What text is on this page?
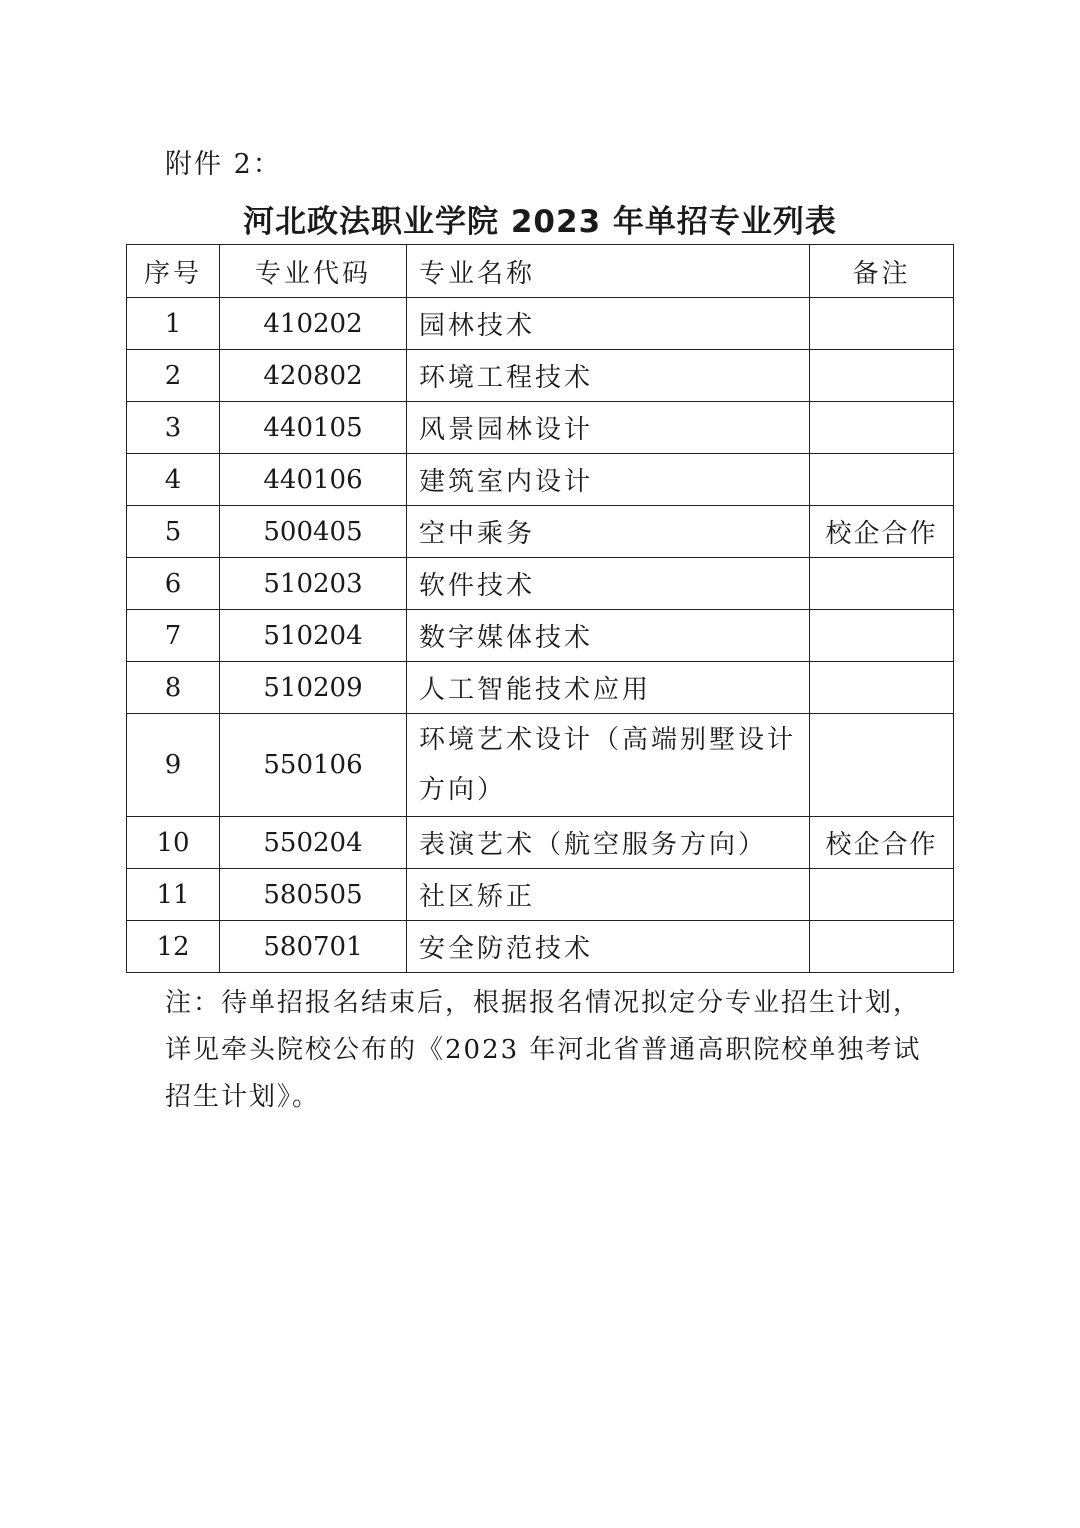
附件 2：
河北政法职业学院 2023 年单招专业列表
序号	专业代码	专业名称	备注
1	410202	园林技术	
2	420802	环境工程技术	
3	440105	风景园林设计	
4	440106	建筑室内设计	
5	500405	空中乘务	校企合作
6	510203	软件技术	
7	510204	数字媒体技术	
8	510209	人工智能技术应用	
9	550106	环境艺术设计（高端别墅设计方向）	
10	550204	表演艺术（航空服务方向）	校企合作
11	580505	社区矫正	
12	580701	安全防范技术	
注：待单招报名结束后，根据报名情况拟定分专业招生计划，详见牵头院校公布的《2023 年河北省普通高职院校单独考试招生计划》。
